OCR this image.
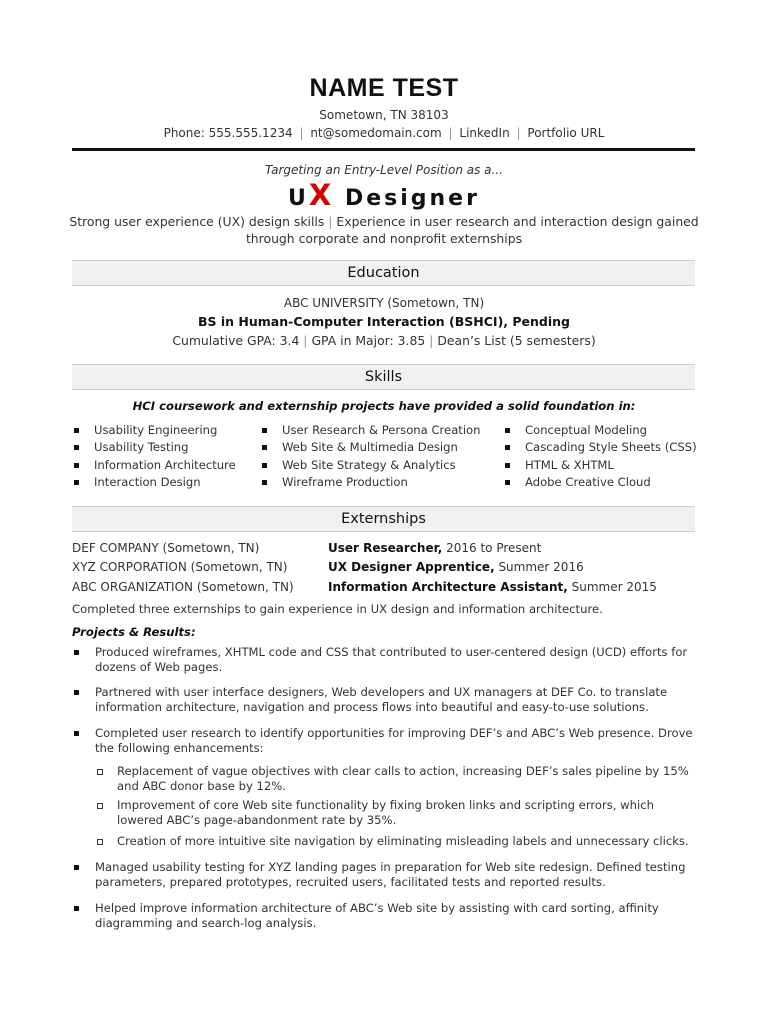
NAME TEST
Sometown, TN 38103
Phone: 555.555.1234 | nt@somedomain.com | LinkedIn | Portfolio URL
Targeting an Entry-Level Position as a...
UX Designer
Strong user experience (UX) design skills | Experience in user research and interaction design gained through corporate and nonprofit externships
Education
ABC UNIVERSITY (Sometown, TN)
BS in Human-Computer Interaction (BSHCI), Pending
Cumulative GPA: 3.4 | GPA in Major: 3.85 | Dean’s List (5 semesters)
Skills
HCI coursework and externship projects have provided a solid foundation in:
Usability Engineering
Usability Testing
Information Architecture
Interaction Design
User Research & Persona Creation
Web Site & Multimedia Design
Web Site Strategy & Analytics
Wireframe Production
Conceptual Modeling
Cascading Style Sheets (CSS)
HTML & XHTML
Adobe Creative Cloud
Externships
DEF COMPANY (Sometown, TN)	User Researcher, 2016 to Present
XYZ CORPORATION (Sometown, TN)	UX Designer Apprentice, Summer 2016
ABC ORGANIZATION (Sometown, TN)	Information Architecture Assistant, Summer 2015
Completed three externships to gain experience in UX design and information architecture.
Projects & Results:
Produced wireframes, XHTML code and CSS that contributed to user-centered design (UCD) efforts for dozens of Web pages.
Partnered with user interface designers, Web developers and UX managers at DEF Co. to translate information architecture, navigation and process flows into beautiful and easy-to-use solutions.
Completed user research to identify opportunities for improving DEF’s and ABC’s Web presence. Drove the following enhancements:
Replacement of vague objectives with clear calls to action, increasing DEF’s sales pipeline by 15% and ABC donor base by 12%.
Improvement of core Web site functionality by fixing broken links and scripting errors, which lowered ABC’s page-abandonment rate by 35%.
Creation of more intuitive site navigation by eliminating misleading labels and unnecessary clicks.
Managed usability testing for XYZ landing pages in preparation for Web site redesign. Defined testing parameters, prepared prototypes, recruited users, facilitated tests and reported results.
Helped improve information architecture of ABC’s Web site by assisting with card sorting, affinity diagramming and search-log analysis.
